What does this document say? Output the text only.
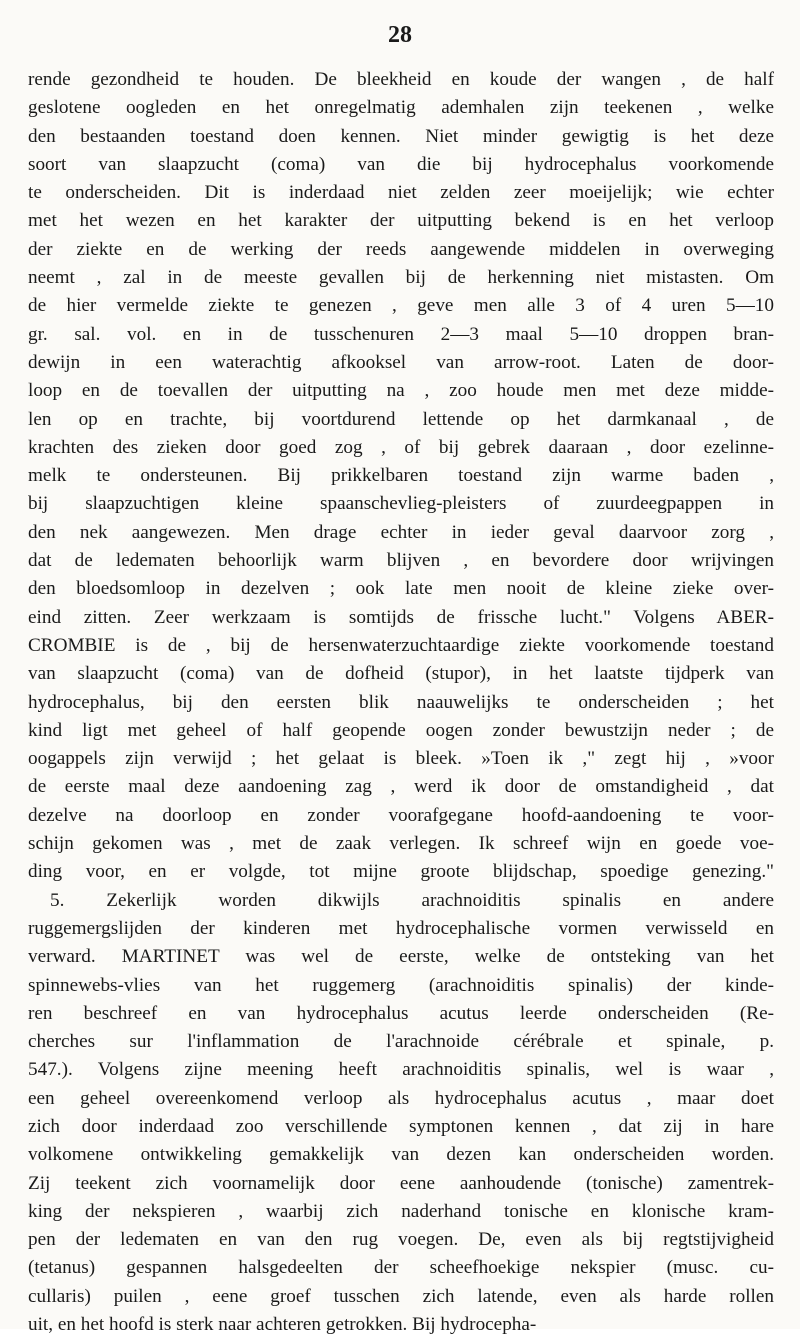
28
rende gezondheid te houden. De bleekheid en koude der wangen , de half
geslotene oogleden en het onregelmatig ademhalen zijn teekenen , welke
den bestaanden toestand doen kennen. Niet minder gewigtig is het deze
soort van slaapzucht (coma) van die bij hydrocephalus voorkomende
te onderscheiden. Dit is inderdaad niet zelden zeer moeijelijk; wie echter
met het wezen en het karakter der uitputting bekend is en het verloop
der ziekte en de werking der reeds aangewende middelen in overweging
neemt , zal in de meeste gevallen bij de herkenning niet mistasten. Om
de hier vermelde ziekte te genezen , geve men alle 3 of 4 uren 5—10
gr. sal. vol. en in de tusschenuren 2—3 maal 5—10 droppen bran-
dewijn in een waterachtig afkooksel van arrow-root. Laten de door-
loop en de toevallen der uitputting na , zoo houde men met deze midde-
len op en trachte, bij voortdurend lettende op het darmkanaal , de
krachten des zieken door goed zog , of bij gebrek daaraan , door ezelinne-
melk te ondersteunen. Bij prikkelbaren toestand zijn warme baden ,
bij slaapzuchtigen kleine spaanschevlieg-pleisters of zuurdeegpappen in
den nek aangewezen. Men drage echter in ieder geval daarvoor zorg ,
dat de ledematen behoorlijk warm blijven , en bevordere door wrijvingen
den bloedsomloop in dezelven ; ook late men nooit de kleine zieke over-
eind zitten. Zeer werkzaam is somtijds de frissche lucht." Volgens ABER-
CROMBIE is de , bij de hersenwaterzuchtaardige ziekte voorkomende toestand
van slaapzucht (coma) van de dofheid (stupor), in het laatste tijdperk van
hydrocephalus, bij den eersten blik naauwelijks te onderscheiden ; het
kind ligt met geheel of half geopende oogen zonder bewustzijn neder ; de
oogappels zijn verwijd ; het gelaat is bleek. »Toen ik ," zegt hij , »voor
de eerste maal deze aandoening zag , werd ik door de omstandigheid , dat
dezelve na doorloop en zonder voorafgegane hoofd-aandoening te voor-
schijn gekomen was , met de zaak verlegen. Ik schreef wijn en goede voe-
ding voor, en er volgde, tot mijne groote blijdschap, spoedige genezing."
5. Zekerlijk worden dikwijls arachnoiditis spinalis en andere
ruggemergslijden der kinderen met hydrocephalische vormen verwisseld en
verward. MARTINET was wel de eerste, welke de ontsteking van het
spinnewebs-vlies van het ruggemerg (arachnoiditis spinalis) der kinde-
ren beschreef en van hydrocephalus acutus leerde onderscheiden (Re-
cherches sur l'inflammation de l'arachnoide cérébrale et spinale, p.
547.). Volgens zijne meening heeft arachnoiditis spinalis, wel is waar ,
een geheel overeenkomend verloop als hydrocephalus acutus , maar doet
zich door inderdaad zoo verschillende symptonen kennen , dat zij in hare
volkomene ontwikkeling gemakkelijk van dezen kan onderscheiden worden.
Zij teekent zich voornamelijk door eene aanhoudende (tonische) zamentrek-
king der nekspieren , waarbij zich naderhand tonische en klonische kram-
pen der ledematen en van den rug voegen. De, even als bij regtstijvigheid
(tetanus) gespannen halsgedeelten der scheefhoekige nekspier (musc. cu-
cullaris) puilen , eene groef tusschen zich latende, even als harde rollen
uit, en het hoofd is sterk naar achteren getrokken. Bij hydrocepha-
